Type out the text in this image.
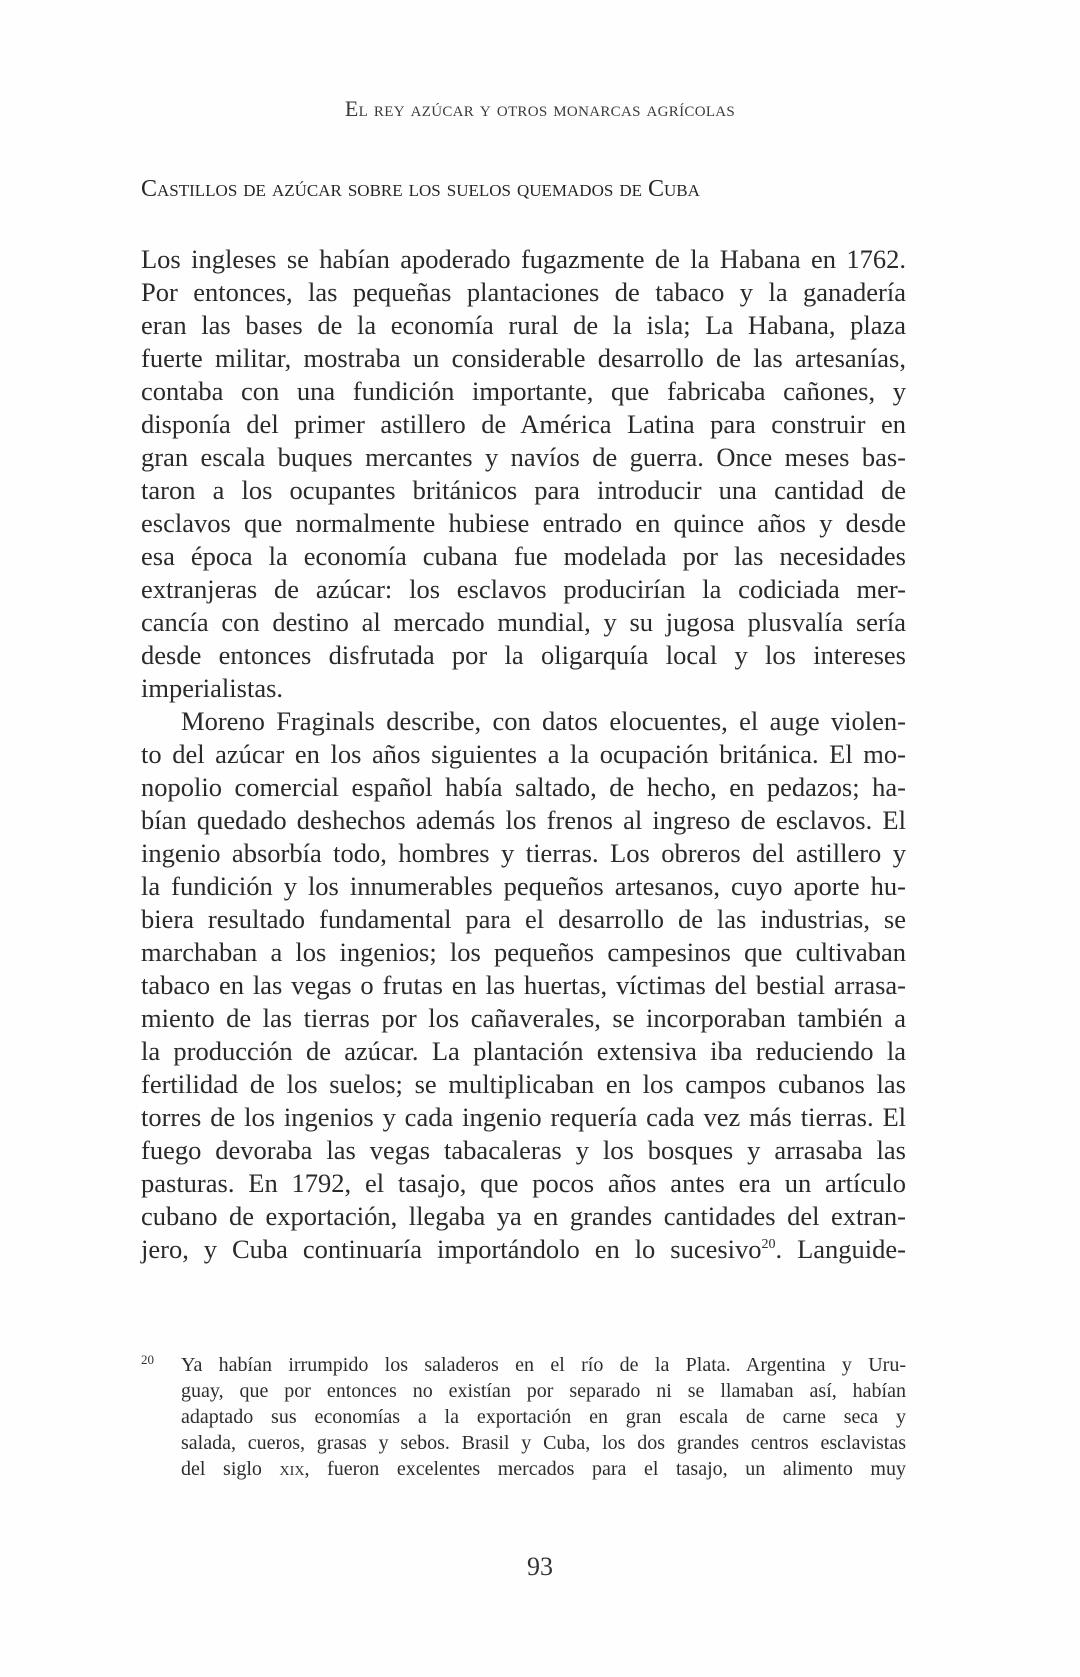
El rey azúcar y otros monarcas agrícolas
Castillos de azúcar sobre los suelos quemados de Cuba
Los ingleses se habían apoderado fugazmente de la Habana en 1762.
Por entonces, las pequeñas plantaciones de tabaco y la ganadería
eran las bases de la economía rural de la isla; La Habana, plaza
fuerte militar, mostraba un considerable desarrollo de las artesanías,
contaba con una fundición importante, que fabricaba cañones, y
disponía del primer astillero de América Latina para construir en
gran escala buques mercantes y navíos de guerra. Once meses bas-
taron a los ocupantes británicos para introducir una cantidad de
esclavos que normalmente hubiese entrado en quince años y desde
esa época la economía cubana fue modelada por las necesidades
extranjeras de azúcar: los esclavos producirían la codiciada mer-
cancía con destino al mercado mundial, y su jugosa plusvalía sería
desde entonces disfrutada por la oligarquía local y los intereses
imperialistas.
Moreno Fraginals describe, con datos elocuentes, el auge violen-
to del azúcar en los años siguientes a la ocupación británica. El mo-
nopolio comercial español había saltado, de hecho, en pedazos; ha-
bían quedado deshechos además los frenos al ingreso de esclavos. El
ingenio absorbía todo, hombres y tierras. Los obreros del astillero y
la fundición y los innumerables pequeños artesanos, cuyo aporte hu-
biera resultado fundamental para el desarrollo de las industrias, se
marchaban a los ingenios; los pequeños campesinos que cultivaban
tabaco en las vegas o frutas en las huertas, víctimas del bestial arrasa-
miento de las tierras por los cañaverales, se incorporaban también a
la producción de azúcar. La plantación extensiva iba reduciendo la
fertilidad de los suelos; se multiplicaban en los campos cubanos las
torres de los ingenios y cada ingenio requería cada vez más tierras. El
fuego devoraba las vegas tabacaleras y los bosques y arrasaba las
pasturas. En 1792, el tasajo, que pocos años antes era un artículo
cubano de exportación, llegaba ya en grandes cantidades del extran-
jero, y Cuba continuaría importándolo en lo sucesivo$^{20}$. Languide-
20 Ya habían irrumpido los saladeros en el río de la Plata. Argentina y Uru-
guay, que por entonces no existían por separado ni se llamaban así, habían
adaptado sus economías a la exportación en gran escala de carne seca y
salada, cueros, grasas y sebos. Brasil y Cuba, los dos grandes centros esclavistas
del siglo xix, fueron excelentes mercados para el tasajo, un alimento muy
93
